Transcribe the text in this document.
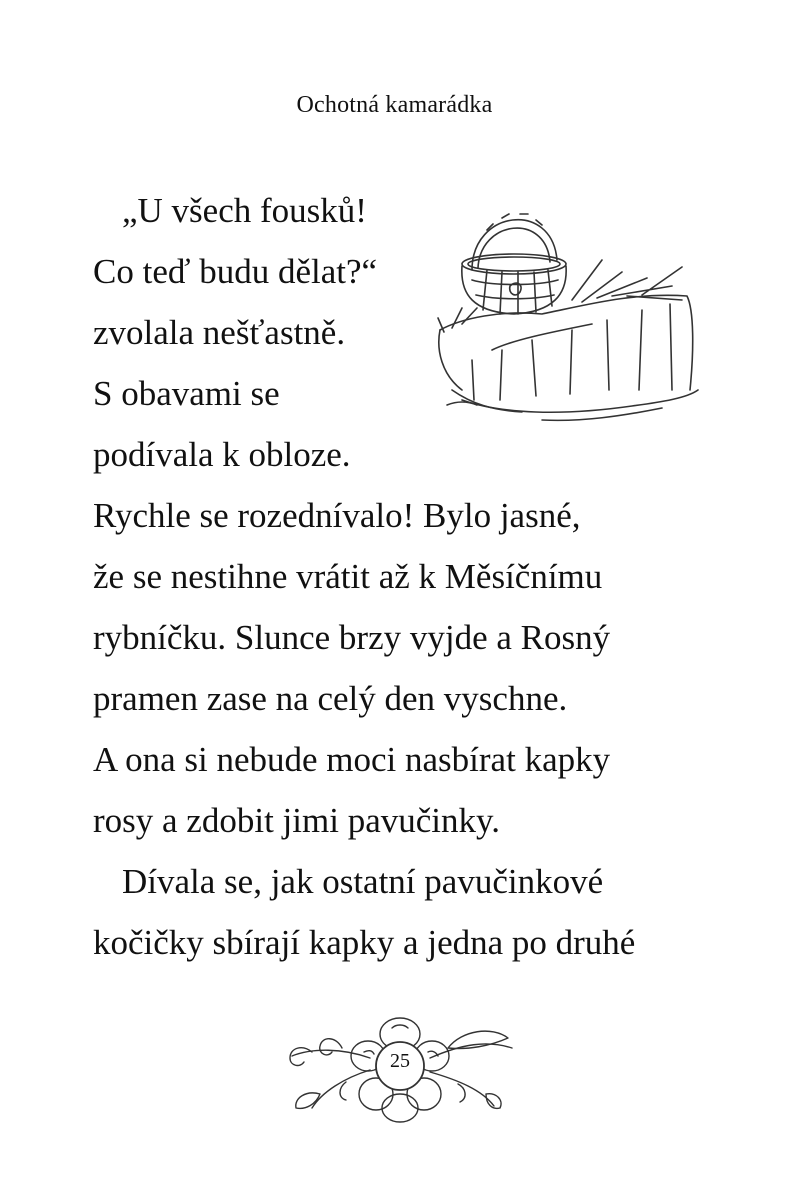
Ochotná kamarádka
„U všech fousků!
Co teď budu dělat?“
zvolala nešťastně.
S obavami se
podívala k obloze.
Rychle se rozednívalo! Bylo jasné,
že se nestihne vrátit až k Měsíčnímu
rybníčku. Slunce brzy vyjde a Rosný
pramen zase na celý den vyschne.
A ona si nebude moci nasbírat kapky
rosy a zdobit jimi pavučinky.
Dívala se, jak ostatní pavučinkové
kočičky sbírají kapky a jedna po druhé
25
